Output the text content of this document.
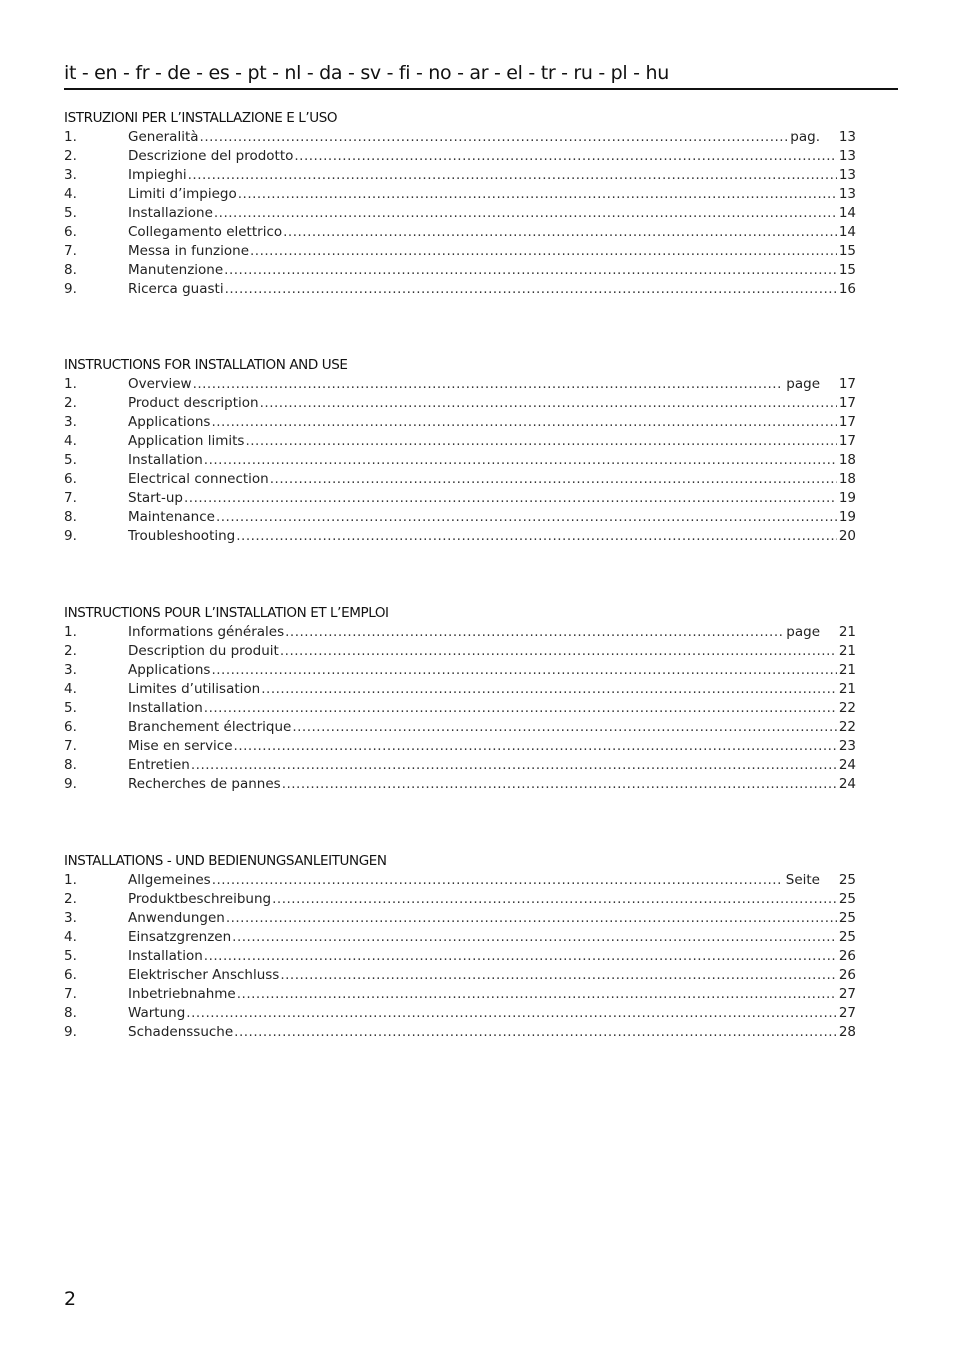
it - en - fr - de - es - pt - nl - da - sv - fi - no - ar - el - tr - ru - pl - hu
ISTRUZIONI PER L’INSTALLAZIONE E L’USO
1.	Generalità .....	pag. 13
2.	Descrizione del prodotto .....	13
3.	Impieghi .....	13
4.	Limiti d’impiego .....	13
5.	Installazione .....	14
6.	Collegamento elettrico .....	14
7.	Messa in funzione .....	15
8.	Manutenzione .....	15
9.	Ricerca guasti .....	16
INSTRUCTIONS FOR INSTALLATION AND USE
1.	Overview .....	page 17
2.	Product description .....	17
3.	Applications .....	17
4.	Application limits .....	17
5.	Installation .....	18
6.	Electrical connection .....	18
7.	Start-up .....	19
8.	Maintenance .....	19
9.	Troubleshooting .....	20
INSTRUCTIONS POUR L’INSTALLATION ET L’EMPLOI
1.	Informations générales .....	page 21
2.	Description du produit .....	21
3.	Applications .....	21
4.	Limites d’utilisation .....	21
5.	Installation .....	22
6.	Branchement électrique .....	22
7.	Mise en service .....	23
8.	Entretien .....	24
9.	Recherches de pannes .....	24
INSTALLATIONS - UND BEDIENUNGSANLEITUNGEN
1.	Allgemeines .....	Seite 25
2.	Produktbeschreibung .....	25
3.	Anwendungen .....	25
4.	Einsatzgrenzen .....	25
5.	Installation .....	26
6.	Elektrischer Anschluss .....	26
7.	Inbetriebnahme .....	27
8.	Wartung .....	27
9.	Schadenssuche .....	28
2
